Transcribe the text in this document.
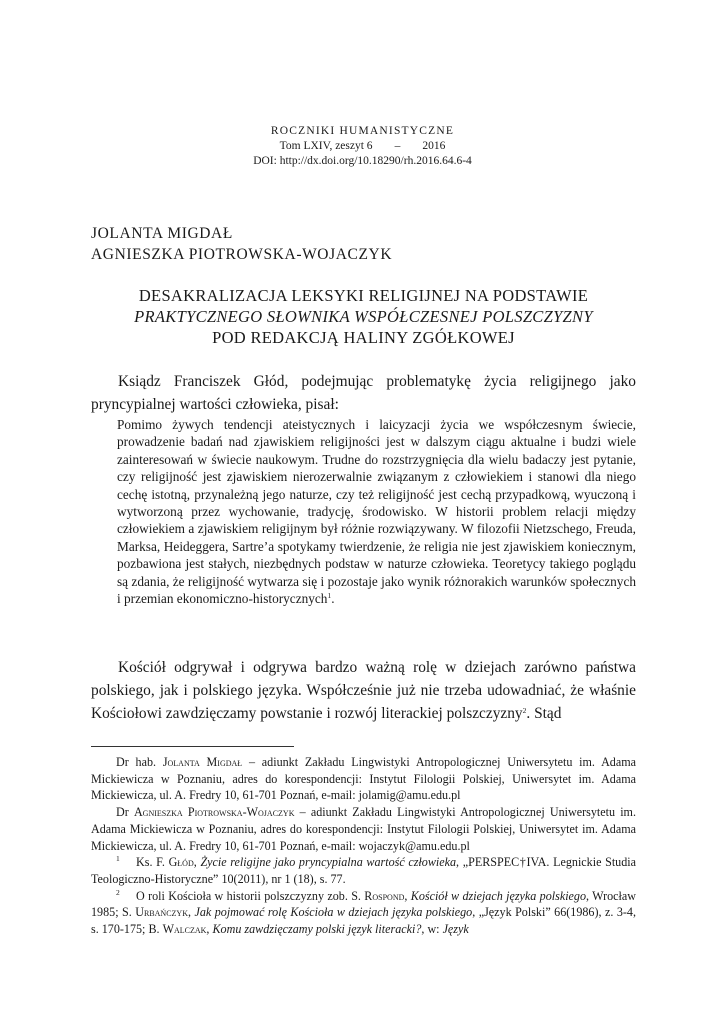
ROCZNIKI HUMANISTYCZNE
Tom LXIV, zeszyt 6 – 2016
DOI: http://dx.doi.org/10.18290/rh.2016.64.6-4
JOLANTA MIGDAŁ
AGNIESZKA PIOTROWSKA-WOJACZYK
DESAKRALIZACJA LEKSYKI RELIGIJNEJ NA PODSTAWIE
PRAKTYCZNEGO SŁOWNIKA WSPÓŁCZESNEJ POLSZCZYZNY
POD REDAKCJĄ HALINY ZGÓŁKOWEJ
Ksiądz Franciszek Głód, podejmując problematykę życia religijnego jako pryncypialnej wartości człowieka, pisał:
Pomimo żywych tendencji ateistycznych i laicyzacji życia we współczesnym świecie, prowadzenie badań nad zjawiskiem religijności jest w dalszym ciągu aktualne i budzi wiele zainteresowań w świecie naukowym. Trudne do rozstrzygnięcia dla wielu badaczy jest pytanie, czy religijność jest zjawiskiem nierozerwalnie związanym z człowiekiem i stanowi dla niego cechę istotną, przynależną jego naturze, czy też religijność jest cechą przypadkową, wyuczoną i wytworzoną przez wychowanie, tradycję, środowisko. W historii problem relacji między człowiekiem a zjawiskiem religijnym był różnie rozwiązywany. W filozofii Nietzschego, Freuda, Marksa, Heideggera, Sartre’a spotykamy twierdzenie, że religia nie jest zjawiskiem koniecznym, pozbawiona jest stałych, niezbędnych podstaw w naturze człowieka. Teoretycy takiego poglądu są zdania, że religijność wytwarza się i pozostaje jako wynik różnorakich warunków społecznych i przemian ekonomiczno-historycznych$^1$.
Kościół odgrywał i odgrywa bardzo ważną rolę w dziejach zarówno państwa polskiego, jak i polskiego języka. Współcześnie już nie trzeba udowadniać, że właśnie Kościołowi zawdzięczamy powstanie i rozwój literackiej polszczyzny$^2$. Stąd

Dr hab. Jolanta Migdał – adiunkt Zakładu Lingwistyki Antropologicznej Uniwersytetu im. Adama Mickiewicza w Poznaniu, adres do korespondencji: Instytut Filologii Polskiej, Uniwersytet im. Adama Mickiewicza, ul. A. Fredry 10, 61-701 Poznań, e-mail: jolamig@amu.edu.pl

Dr Agnieszka Piotrowska-Wojaczyk – adiunkt Zakładu Lingwistyki Antropologicznej Uniwersytetu im. Adama Mickiewicza w Poznaniu, adres do korespondencji: Instytut Filologii Polskiej, Uniwersytet im. Adama Mickiewicza, ul. A. Fredry 10, 61-701 Poznań, e-mail: wojaczyk@amu.edu.pl

$^1$ Ks. F. Głód, Życie religijne jako pryncypialna wartość człowieka, „PERSPEC†IVA. Legnickie Studia Teologiczno-Historyczne” 10(2011), nr 1 (18), s. 77.

$^2$ O roli Kościoła w historii polszczyzny zob. S. Rospond, Kościół w dziejach języka polskiego, Wrocław 1985; S. Urbańczyk, Jak pojmować rolę Kościoła w dziejach języka polskiego, „Język Polski” 66(1986), z. 3-4, s. 170-175; B. Walczak, Komu zawdzięczamy polski język literacki?, w: Język
